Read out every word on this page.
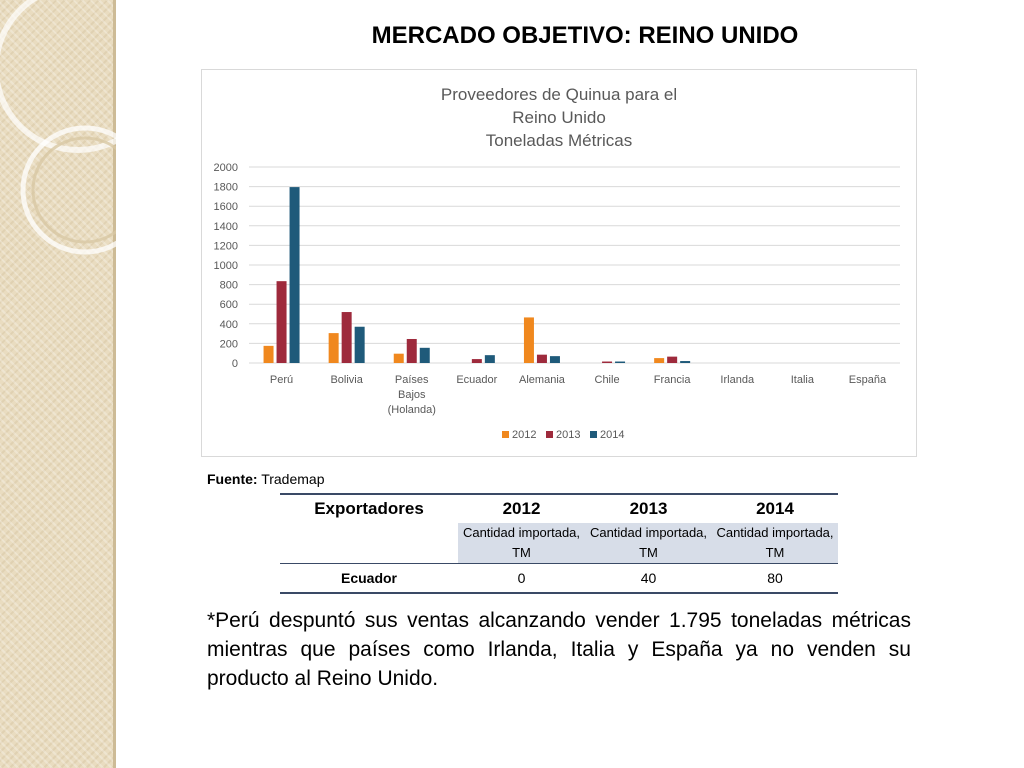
MERCADO OBJETIVO: REINO UNIDO
Proveedores de Quinua para el
Reino Unido
Toneladas Métricas
0
200
400
600
800
1000
1200
1400
1600
1800
2000
Perú	Bolivia	Países
Bajos
(Holanda)
Ecuador Alemania	Chile	Francia	Irlanda	Italia	España
2012 2013 2014
Fuente: Trademap
Exportadores	2012	2013	2014
	Cantidad importada, TM	Cantidad importada, TM	Cantidad importada, TM
Ecuador	0	40	80
*Perú despuntó sus ventas alcanzando vender 1.795 toneladas métricas mientras que países como Irlanda, Italia y España ya no venden su producto al Reino Unido.
